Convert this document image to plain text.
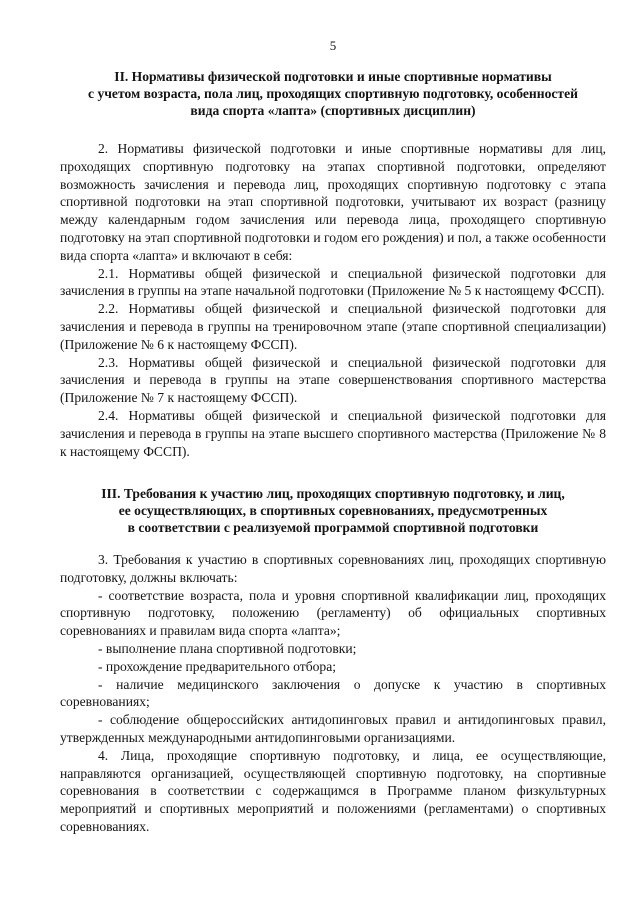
5
II. Нормативы физической подготовки и иные спортивные нормативы
с учетом возраста, пола лиц, проходящих спортивную подготовку, особенностей
вида спорта «лапта» (спортивных дисциплин)

2. Нормативы физической подготовки и иные спортивные нормативы для лиц, проходящих спортивную подготовку на этапах спортивной подготовки, определяют возможность зачисления и перевода лиц, проходящих спортивную подготовку с этапа спортивной подготовки на этап спортивной подготовки, учитывают их возраст (разницу между календарным годом зачисления или перевода лица, проходящего спортивную подготовку на этап спортивной подготовки и годом его рождения) и пол, а также особенности вида спорта «лапта» и включают в себя:

2.1. Нормативы общей физической и специальной физической подготовки для зачисления в группы на этапе начальной подготовки (Приложение № 5 к настоящему ФССП).

2.2. Нормативы общей физической и специальной физической подготовки для зачисления и перевода в группы на тренировочном этапе (этапе спортивной специализации) (Приложение № 6 к настоящему ФССП).

2.3. Нормативы общей физической и специальной физической подготовки для зачисления и перевода в группы на этапе совершенствования спортивного мастерства (Приложение № 7 к настоящему ФССП).

2.4. Нормативы общей физической и специальной физической подготовки для зачисления и перевода в группы на этапе высшего спортивного мастерства (Приложение № 8 к настоящему ФССП).

III. Требования к участию лиц, проходящих спортивную подготовку, и лиц,
ее осуществляющих, в спортивных соревнованиях, предусмотренных
в соответствии с реализуемой программой спортивной подготовки

3. Требования к участию в спортивных соревнованиях лиц, проходящих спортивную подготовку, должны включать:

- соответствие возраста, пола и уровня спортивной квалификации лиц, проходящих спортивную подготовку, положению (регламенту) об официальных спортивных соревнованиях и правилам вида спорта «лапта»;

- выполнение плана спортивной подготовки;

- прохождение предварительного отбора;

- наличие медицинского заключения о допуске к участию в спортивных соревнованиях;

- соблюдение общероссийских антидопинговых правил и антидопинговых правил, утвержденных международными антидопинговыми организациями.

4. Лица, проходящие спортивную подготовку, и лица, ее осуществляющие, направляются организацией, осуществляющей спортивную подготовку, на спортивные соревнования в соответствии с содержащимся в Программе планом физкультурных мероприятий и спортивных мероприятий и положениями (регламентами) о спортивных соревнованиях.
